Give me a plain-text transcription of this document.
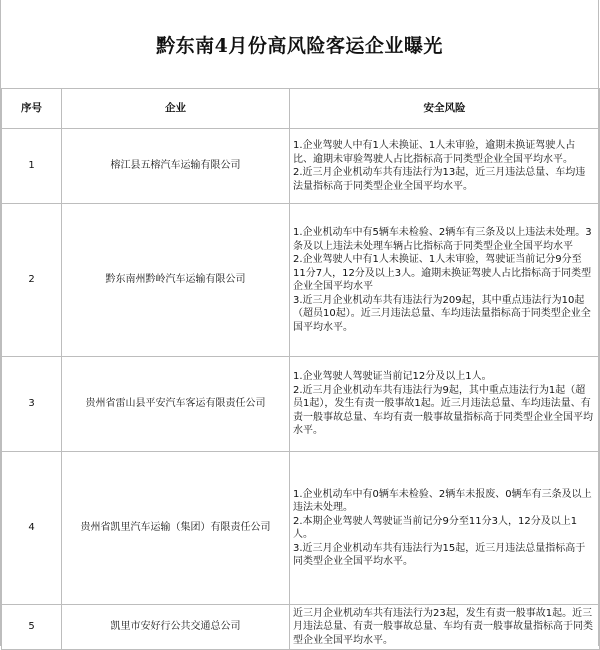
黔东南4月份高风险客运企业曝光
序号	企业	安全风险
1	榕江县五榕汽车运输有限公司	1.企业驾驶人中有1人未换证、1人未审验，逾期未换证驾驶人占比、逾期未审验驾驶人占比指标高于同类型企业全国平均水平。
2.近三月企业机动车共有违法行为13起，近三月违法总量、车均违法量指标高于同类型企业全国平均水平。

2	黔东南州黔岭汽车运输有限公司	1.企业机动车中有5辆车未检验、2辆车有三条及以上违法未处理。3条及以上违法未处理车辆占比指标高于同类型企业全国平均水平
2.企业驾驶人中有1人未换证、1人未审验，驾驶证当前记分9分至11分7人，12分及以上3人。逾期未换证驾驶人占比指标高于同类型企业全国平均水平
3.近三月企业机动车共有违法行为209起，其中重点违法行为10起（超员10起）。近三月违法总量、车均违法量指标高于同类型企业全国平均水平。

3	贵州省雷山县平安汽车客运有限责任公司	1.企业驾驶人驾驶证当前记12分及以上1人。
2.近三月企业机动车共有违法行为9起，其中重点违法行为1起（超员1起），发生有责一般事故1起。近三月违法总量、车均违法量、有责一般事故总量、车均有责一般事故量指标高于同类型企业全国平均水平。

4	贵州省凯里汽车运输（集团）有限责任公司	1.企业机动车中有0辆车未检验、2辆车未报废、0辆车有三条及以上违法未处理。
2.本期企业驾驶人驾驶证当前记分9分至11分3人，12分及以上1人。
3.近三月企业机动车共有违法行为15起，近三月违法总量指标高于同类型企业全国平均水平。

5	凯里市安好行公共交通总公司	近三月企业机动车共有违法行为23起，发生有责一般事故1起。近三月违法总量、有责一般事故总量、车均有责一般事故量指标高于同类型企业全国平均水平。
